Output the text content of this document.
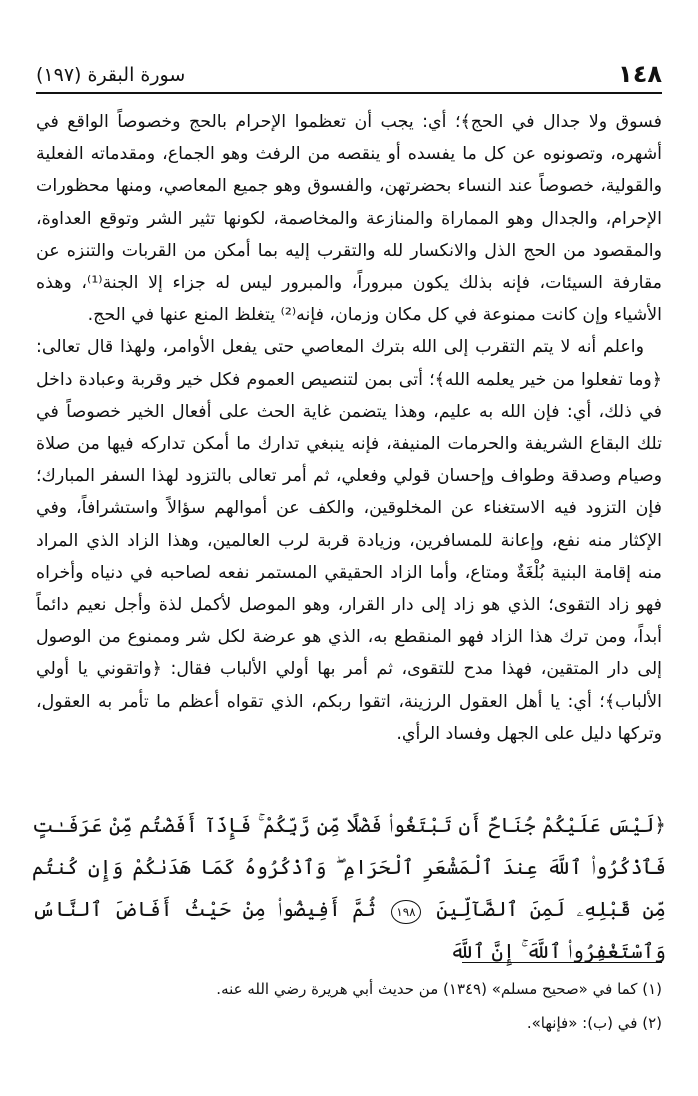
١٤٨
سورة البقرة (١٩٧)

فسوق ولا جدال في الحج﴾؛ أي: يجب أن تعظموا الإحرام بالحج وخصوصاً الواقع في أشهره، وتصونوه عن كل ما يفسده أو ينقصه من الرفث وهو الجماع، ومقدماته الفعلية والقولية، خصوصاً عند النساء بحضرتهن، والفسوق وهو جميع المعاصي، ومنها محظورات الإحرام، والجدال وهو المماراة والمنازعة والمخاصمة، لكونها تثير الشر وتوقع العداوة، والمقصود من الحج الذل والانكسار لله والتقرب إليه بما أمكن من القربات والتنزه عن مقارفة السيئات، فإنه بذلك يكون مبروراً، والمبرور ليس له جزاء إلا الجنة⁽¹⁾، وهذه الأشياء وإن كانت ممنوعة في كل مكان وزمان، فإنه⁽²⁾ يتغلظ المنع عنها في الحج.

واعلم أنه لا يتم التقرب إلى الله بترك المعاصي حتى يفعل الأوامر، ولهذا قال تعالى: ﴿وما تفعلوا من خير يعلمه الله﴾؛ أتى بمن لتنصيص العموم فكل خير وقربة وعبادة داخل في ذلك، أي: فإن الله به عليم، وهذا يتضمن غاية الحث على أفعال الخير خصوصاً في تلك البقاع الشريفة والحرمات المنيفة، فإنه ينبغي تدارك ما أمكن تداركه فيها من صلاة وصيام وصدقة وطواف وإحسان قولي وفعلي، ثم أمر تعالى بالتزود لهذا السفر المبارك؛ فإن التزود فيه الاستغناء عن المخلوقين، والكف عن أموالهم سؤالاً واستشرافاً، وفي الإكثار منه نفع، وإعانة للمسافرين، وزيادة قربة لرب العالمين، وهذا الزاد الذي المراد منه إقامة البنية بُلْغَةٌ ومتاع، وأما الزاد الحقيقي المستمر نفعه لصاحبه في دنياه وأخراه فهو زاد التقوى؛ الذي هو زاد إلى دار القرار، وهو الموصل لأكمل لذة وأجل نعيم دائماً أبداً، ومن ترك هذا الزاد فهو المنقطع به، الذي هو عرضة لكل شر وممنوع من الوصول إلى دار المتقين، فهذا مدح للتقوى، ثم أمر بها أولي الألباب فقال: ﴿واتقوني يا أولي الألباب﴾؛ أي: يا أهل العقول الرزينة، اتقوا ربكم، الذي تقواه أعظم ما تأمر به العقول، وتركها دليل على الجهل وفساد الرأي.

﴿لَيْسَ عَلَيْكُمْ جُنَاحٌ أَن تَبْتَغُوا۟ فَضْلًا مِّن رَّبِّكُمْ ۚ فَإِذَآ أَفَضْتُم مِّنْ عَرَفَـٰتٍ فَٱذْكُرُوا۟ ٱللَّهَ عِندَ ٱلْمَشْعَرِ ٱلْحَرَامِ ۖ وَٱذْكُرُوهُ كَمَا هَدَىٰكُمْ وَإِن كُنتُم مِّن قَبْلِهِۦ لَمِنَ ٱلضَّآلِّينَ ١٩٨ ثُمَّ أَفِيضُوا۟ مِنْ حَيْثُ أَفَاضَ ٱلنَّاسُ وَٱسْتَغْفِرُوا۟ ٱللَّهَ ۚ إِنَّ ٱللَّهَ
(١) كما في «صحيح مسلم» (١٣٤٩) من حديث أبي هريرة رضي الله عنه.
(٢) في (ب): «فإنها».
